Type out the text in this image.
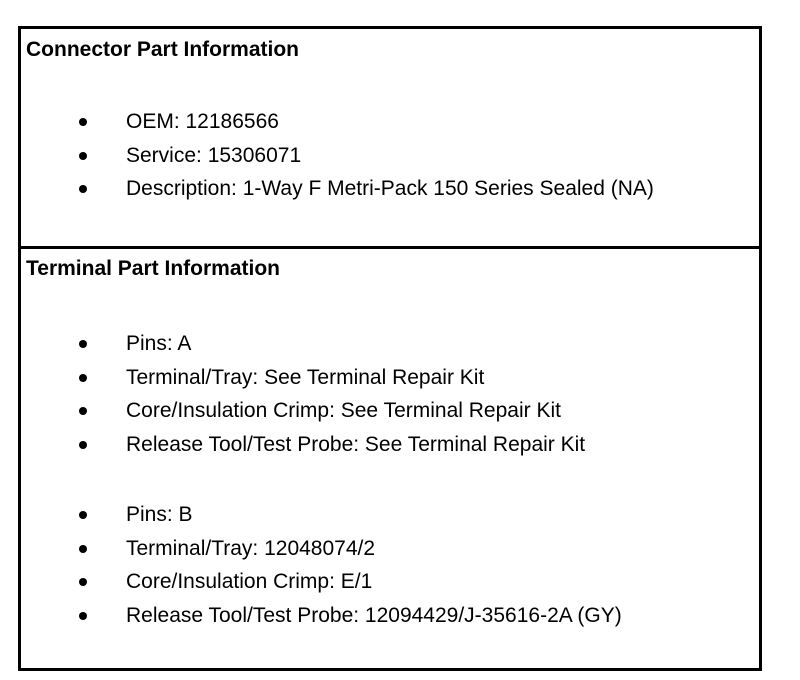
Connector Part Information
OEM: 12186566
Service: 15306071
Description: 1-Way F Metri-Pack 150 Series Sealed (NA)
Terminal Part Information
Pins: A
Terminal/Tray: See Terminal Repair Kit
Core/Insulation Crimp: See Terminal Repair Kit
Release Tool/Test Probe: See Terminal Repair Kit
Pins: B
Terminal/Tray: 12048074/2
Core/Insulation Crimp: E/1
Release Tool/Test Probe: 12094429/J-35616-2A (GY)
